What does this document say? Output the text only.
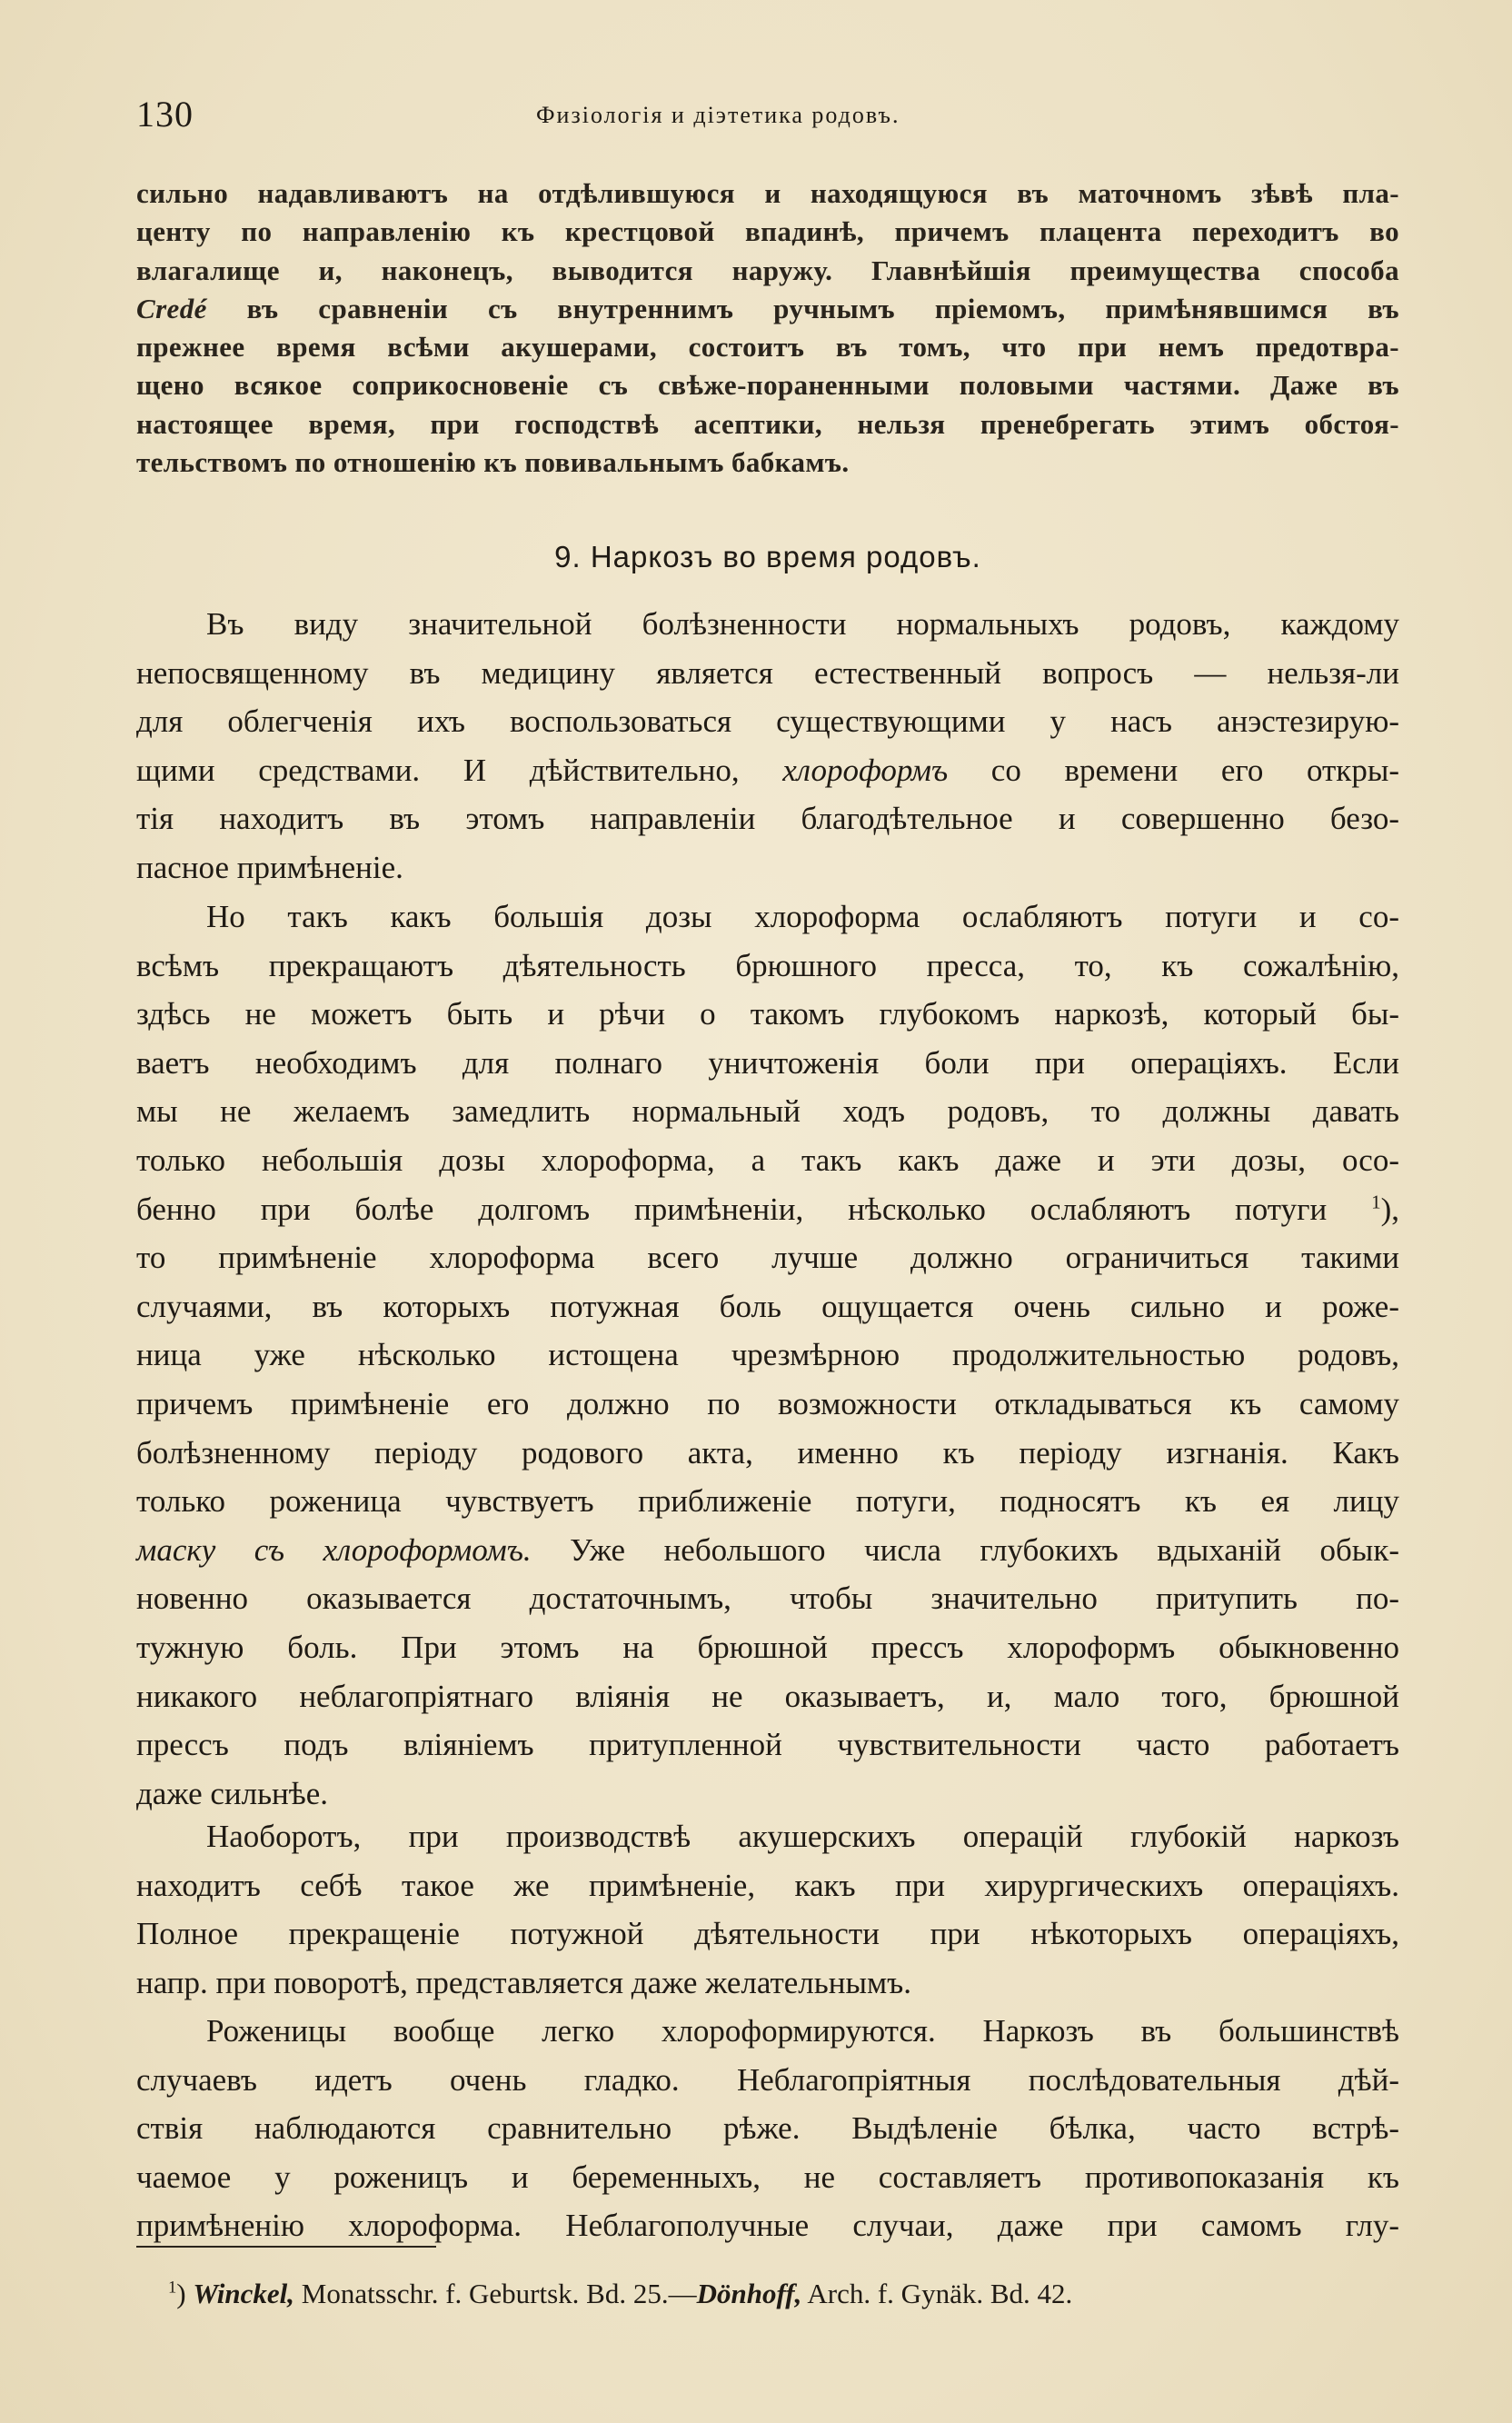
130	Физіологія и діэтетика родовъ.
сильно надавливаютъ на отдѣлившуюся и находящуюся въ маточномъ зѣвѣ пла-
центу по направленію къ крестцовой впадинѣ, причемъ плацента переходитъ во
влагалище и, наконецъ, выводится наружу. Главнѣйшія преимущества способа
Credé въ сравненіи съ внутреннимъ ручнымъ пріемомъ, примѣнявшимся въ
прежнее время всѣми акушерами, состоитъ въ томъ, что при немъ предотвра-
щено всякое соприкосновеніе съ свѣже-пораненными половыми частями. Даже въ
настоящее время, при господствѣ асептики, нельзя пренебрегать этимъ обстоя-
тельствомъ по отношенію къ повивальнымъ бабкамъ.
9. Наркозъ во время родовъ.
Въ виду значительной болѣзненности нормальныхъ родовъ, каждому
непосвященному въ медицину является естественный вопросъ — нельзя-ли
для облегченія ихъ воспользоваться существующими у насъ анэстезирую-
щими средствами. И дѣйствительно, хлороформъ со времени его откры-
тія находитъ въ этомъ направленіи благодѣтельное и совершенно безо-
пасное примѣненіе.
Но такъ какъ большія дозы хлороформа ослабляютъ потуги и со-
всѣмъ прекращаютъ дѣятельность брюшного пресса, то, къ сожалѣнію,
здѣсь не можетъ быть и рѣчи о такомъ глубокомъ наркозѣ, который бы-
ваетъ необходимъ для полнаго уничтоженія боли при операціяхъ. Если
мы не желаемъ замедлить нормальный ходъ родовъ, то должны давать
только небольшія дозы хлороформа, а такъ какъ даже и эти дозы, осо-
бенно при болѣе долгомъ примѣненіи, нѣсколько ослабляютъ потуги $^1$),
то примѣненіе хлороформа всего лучше должно ограничиться такими
случаями, въ которыхъ потужная боль ощущается очень сильно и роже-
ница уже нѣсколько истощена чрезмѣрною продолжительностью родовъ,
причемъ примѣненіе его должно по возможности откладываться къ самому
болѣзненному періоду родового акта, именно къ періоду изгнанія. Какъ
только роженица чувствуетъ приближеніе потуги, подносятъ къ ея лицу
маску съ хлороформомъ. Уже небольшого числа глубокихъ вдыханій обык-
новенно оказывается достаточнымъ, чтобы значительно притупить по-
тужную боль. При этомъ на брюшной прессъ хлороформъ обыкновенно
никакого неблагопріятнаго вліянія не оказываетъ, и, мало того, брюшной
прессъ подъ вліяніемъ притупленной чувствительности часто работаетъ
даже сильнѣе.
Наоборотъ, при производствѣ акушерскихъ операцій глубокій наркозъ
находитъ себѣ такое же примѣненіе, какъ при хирургическихъ операціяхъ.
Полное прекращеніе потужной дѣятельности при нѣкоторыхъ операціяхъ,
напр. при поворотѣ, представляется даже желательнымъ.
Роженицы вообще легко хлороформируются. Наркозъ въ большинствѣ
случаевъ идетъ очень гладко. Неблагопріятныя послѣдовательныя дѣй-
ствія наблюдаются сравнительно рѣже. Выдѣленіе бѣлка, часто встрѣ-
чаемое у роженицъ и беременныхъ, не составляетъ противопоказанія къ
примѣненію хлороформа. Неблагополучные случаи, даже при самомъ глу-
$^1$) Winckel, Monatsschr. f. Geburtsk. Bd. 25.—Dönhoff, Arch. f. Gynäk. Bd. 42.
